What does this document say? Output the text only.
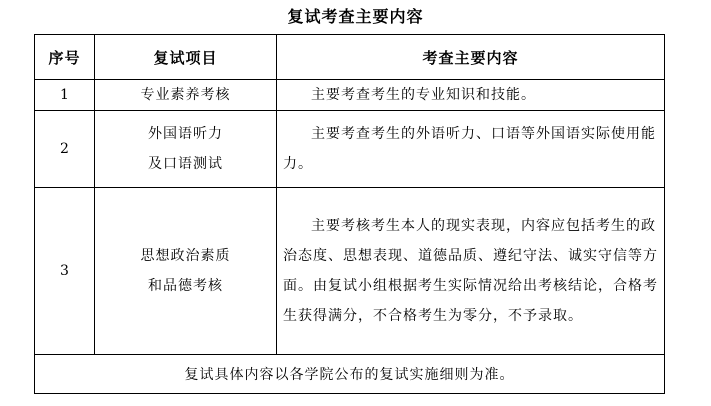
复试考查主要内容
序号	复试项目	考查主要内容
1	专业素养考核	主要考查考生的专业知识和技能。
2	外国语听力
及口语测试	主要考查考生的外语听力、口语等外国语实际使用能力。
3	思想政治素质
和品德考核	主要考核考生本人的现实表现，内容应包括考生的政治态度、思想表现、道德品质、遵纪守法、诚实守信等方面。由复试小组根据考生实际情况给出考核结论，合格考生获得满分，不合格考生为零分，不予录取。
复试具体内容以各学院公布的复试实施细则为准。		
